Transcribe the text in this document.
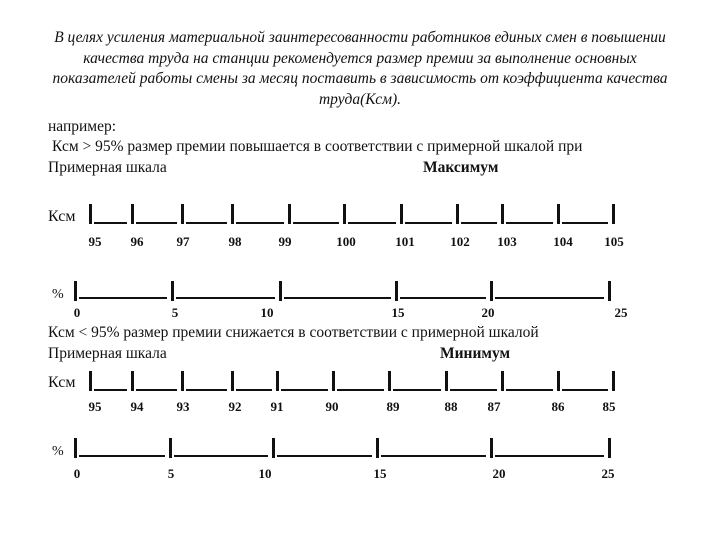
В целях усиления материальной заинтересованности работников единых смен в повышении качества труда на станции рекомендуется размер премии за выполнение основных показателей работы смены за месяц поставить в зависимость от коэффициента качества труда(Ксм).
например:
Ксм > 95% размер премии повышается в соответствии с примерной шкалой при
Примерная шкала	Максимум
Ксм
95 96	97	98	99	100	101	102 103	104 105
%
0	5	10	15	20	25
Ксм < 95% размер премии снижается в соответствии с примерной шкалой
Примерная шкала	Минимум
Ксм
95 94	93	92 91	90	89	88 87	86	85
%
0	5	10	15	20	25
